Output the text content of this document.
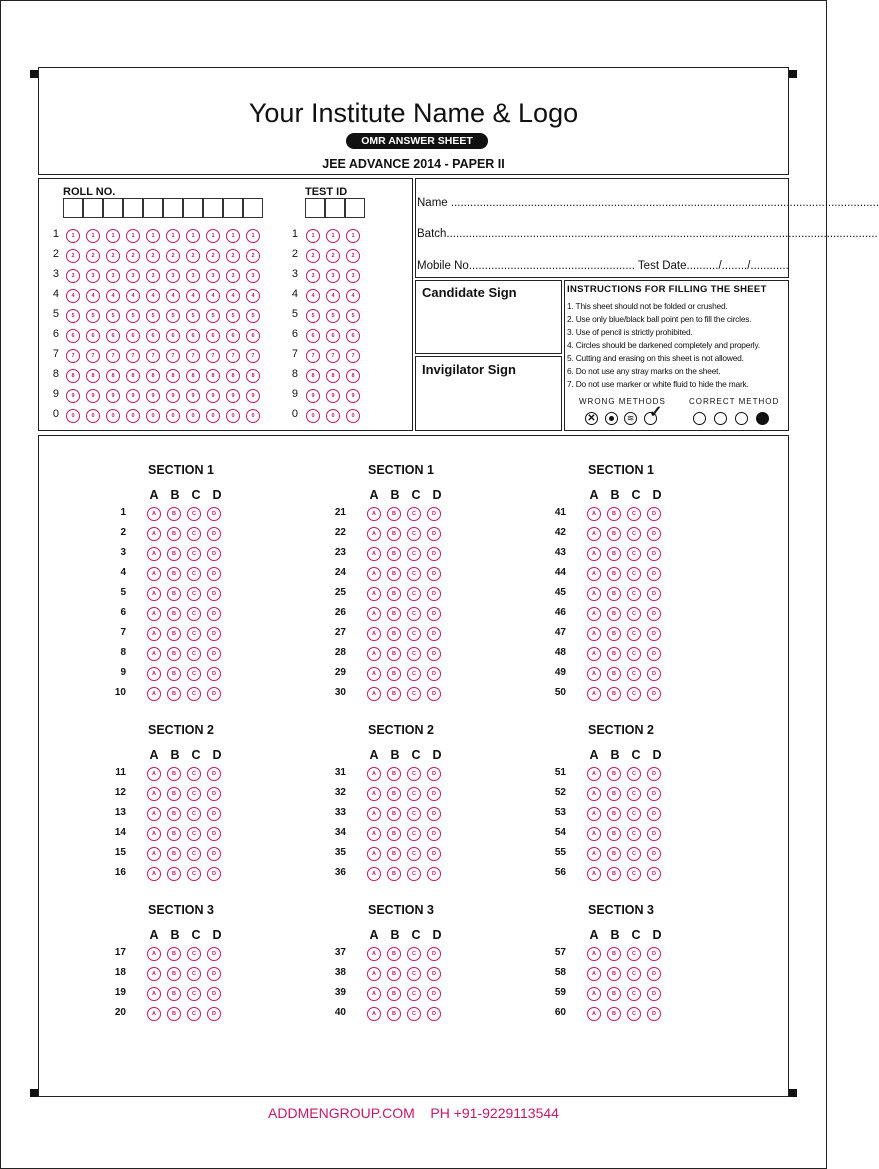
Your Institute Name & Logo
OMR ANSWER SHEET
JEE ADVANCE 2014 - PAPER II
ROLL NO.	TEST ID
Name ......................................................................................................................................
Batch.......................................................................................................................................
Mobile No.................................................... Test Date........../......../............
Candidate Sign
Invigilator Sign
INSTRUCTIONS FOR FILLING THE SHEET
WRONG METHODS	CORRECT METHOD
✕	≋ ✓
ADDMENGROUP.COM PH +91-9229113544
1	1	1	1	1	1	1	1	1	1	1	1	1	1	1
2	2	2	2	2	2	2	2	2	2	2	2	2	2	2
3	3	3	3	3	3	3	3	3	3	3	3	3	3	3
4	4	4	4	4	4	4	4	4	4	4	4	4	4	4
5	5	5	5	5	5	5	5	5	5	5	5	5	5	5
6	6	6	6	6	6	6	6	6	6	6	6	6	6	6
7	7	7	7	7	7	7	7	7	7	7	7	7	7	7
8	8	8	8	8	8	8	8	8	8	8	8	8	8	8
9	9	9	9	9	9	9	9	9	9	9	9	9	9	9
0	0	0	0	0	0	0	0	0	0	0	0	0	0	0
1. This sheet should not be folded or crushed.
2. Use only blue/black ball point pen to fill the circles.
3. Use of pencil is strictly prohibited.
4. Circles should be darkened completely and properly.
5. Cutting and erasing on this sheet is not allowed.
6. Do not use any stray marks on the sheet.
7. Do not use marker or white fluid to hide the mark.
SECTION 1
A B C D
1	A	B	C	D
2	A	B	C	D
3	A	B	C	D
4	A	B	C	D
5	A	B	C	D
6	A	B	C	D
7	A	B	C	D
8	A	B	C	D
9	A	B	C	D
10	A	B	C	D
SECTION 2
A B C D
11	A	B	C	D
12	A	B	C	D
13	A	B	C	D
14	A	B	C	D
15	A	B	C	D
16	A	B	C	D
SECTION 3
A B C D
17	A	B	C	D
18	A	B	C	D
19	A	B	C	D
20	A	B	C	D
SECTION 1
A B C D
21	A	B	C	D
22	A	B	C	D
23	A	B	C	D
24	A	B	C	D
25	A	B	C	D
26	A	B	C	D
27	A	B	C	D
28	A	B	C	D
29	A	B	C	D
30	A	B	C	D
SECTION 2
A B C D
31	A	B	C	D
32	A	B	C	D
33	A	B	C	D
34	A	B	C	D
35	A	B	C	D
36	A	B	C	D
SECTION 3
A B C D
37	A	B	C	D
38	A	B	C	D
39	A	B	C	D
40	A	B	C	D
SECTION 1
A B C D
41	A	B	C	D
42	A	B	C	D
43	A	B	C	D
44	A	B	C	D
45	A	B	C	D
46	A	B	C	D
47	A	B	C	D
48	A	B	C	D
49	A	B	C	D
50	A	B	C	D
SECTION 2
A B C D
51	A	B	C	D
52	A	B	C	D
53	A	B	C	D
54	A	B	C	D
55	A	B	C	D
56	A	B	C	D
SECTION 3
A B C D
57	A	B	C	D
58	A	B	C	D
59	A	B	C	D
60	A	B	C	D
